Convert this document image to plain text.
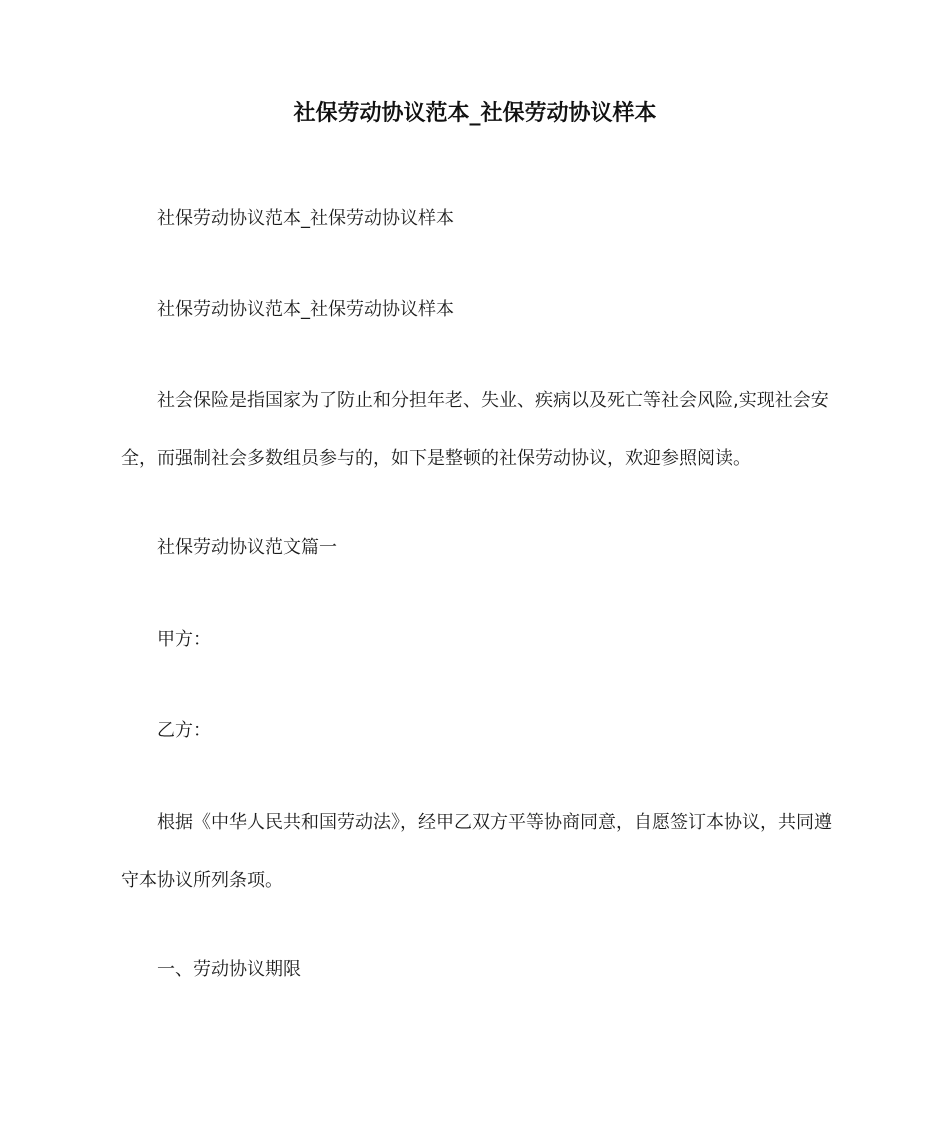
社保劳动协议范本_社保劳动协议样本

社保劳动协议范本_社保劳动协议样本

社保劳动协议范本_社保劳动协议样本

社会保险是指国家为了防止和分担年老、失业、疾病以及死亡等社会风险,实现社会安全，而强制社会多数组员参与的，如下是整顿的社保劳动协议，欢迎参照阅读。

社保劳动协议范文篇一

甲方：

乙方：

根据《中华人民共和国劳动法》，经甲乙双方平等协商同意，自愿签订本协议，共同遵守本协议所列条项。

一、劳动协议期限
